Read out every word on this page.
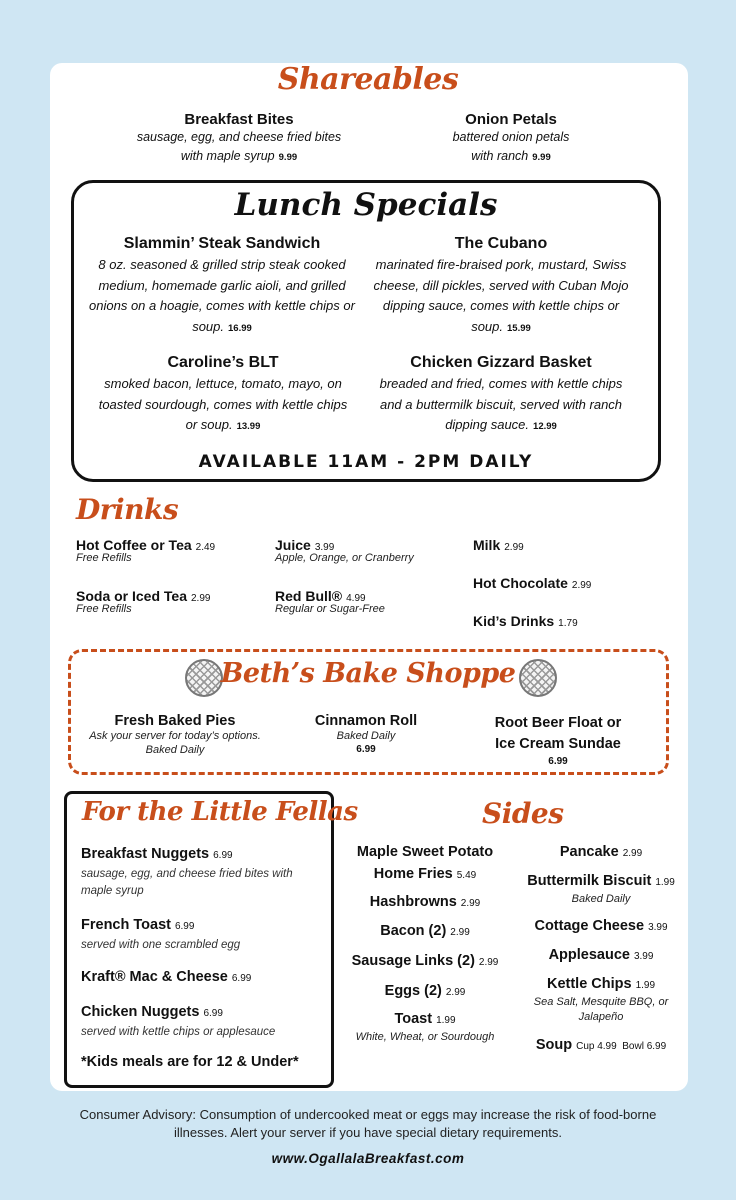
Shareables
Breakfast Bites
sausage, egg, and cheese fried bites
with maple syrup 9.99
Onion Petals
battered onion petals
with ranch 9.99
Lunch Specials
Slammin’ Steak Sandwich
8 oz. seasoned & grilled strip steak cooked medium, homemade garlic aioli, and grilled onions on a hoagie, comes with kettle chips or soup. 16.99
The Cubano
marinated fire-braised pork, mustard, Swiss cheese, dill pickles, served with Cuban Mojo dipping sauce, comes with kettle chips or soup. 15.99
Caroline’s BLT
smoked bacon, lettuce, tomato, mayo, on toasted sourdough, comes with kettle chips or soup. 13.99
Chicken Gizzard Basket
breaded and fried, comes with kettle chips and a buttermilk biscuit, served with ranch dipping sauce. 12.99
AVAILABLE 11AM - 2PM DAILY
Drinks
Hot Coffee or Tea 2.49
Free Refills
Soda or Iced Tea 2.99
Free Refills
Juice 3.99
Apple, Orange, or Cranberry
Red Bull® 4.99
Regular or Sugar-Free
Milk 2.99
Hot Chocolate 2.99
Kid’s Drinks 1.79
Beth’s Bake Shoppe
Fresh Baked Pies
Ask your server for today’s options.
Baked Daily
Cinnamon Roll
Baked Daily
6.99
Root Beer Float or Ice Cream Sundae
6.99
For the Little Fellas
Breakfast Nuggets 6.99
sausage, egg, and cheese fried bites with maple syrup
French Toast 6.99
served with one scrambled egg
Kraft® Mac & Cheese 6.99
Chicken Nuggets 6.99
served with kettle chips or applesauce
*Kids meals are for 12 & Under*
Sides
Maple Sweet Potato
Home Fries 5.49
Hashbrowns 2.99
Bacon (2) 2.99
Sausage Links (2) 2.99
Eggs (2) 2.99
Toast 1.99
White, Wheat, or Sourdough
Pancake 2.99
Buttermilk Biscuit 1.99
Baked Daily
Cottage Cheese 3.99
Applesauce 3.99
Kettle Chips 1.99
Sea Salt, Mesquite BBQ, or Jalapeño
Soup Cup 4.99  Bowl 6.99
Consumer Advisory: Consumption of undercooked meat or eggs may increase the risk of food-borne illnesses. Alert your server if you have special dietary requirements.
www.OgallalaBreakfast.com
